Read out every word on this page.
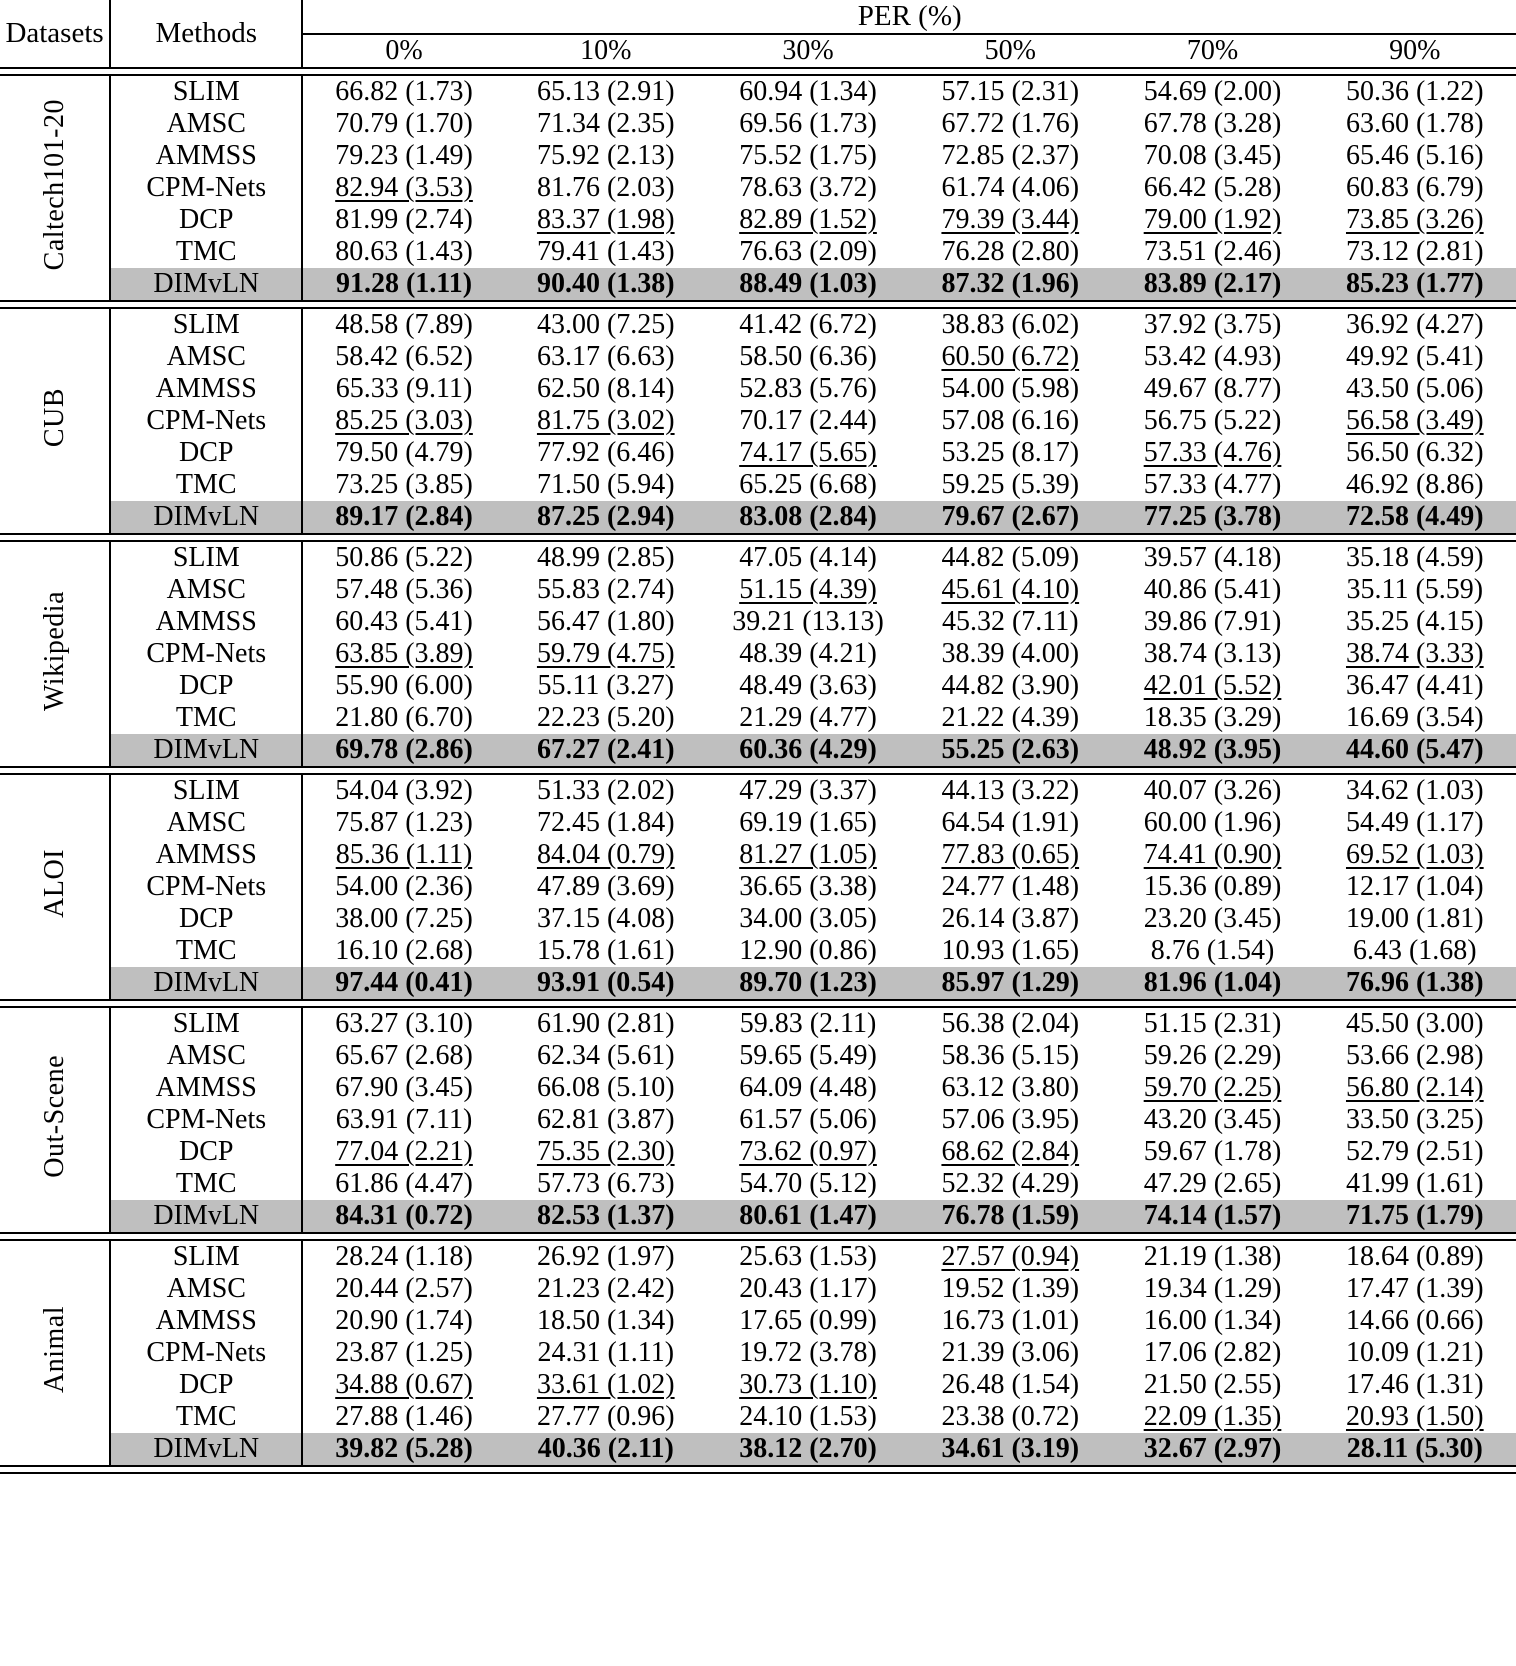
Datasets	Methods	PER (%)					
		0%	10%	30%	50%	70%	90%

Caltech101-20	SLIM	66.82 (1.73)	65.13 (2.91)	60.94 (1.34)	57.15 (2.31)	54.69 (2.00)	50.36 (1.22)
	AMSC	70.79 (1.70)	71.34 (2.35)	69.56 (1.73)	67.72 (1.76)	67.78 (3.28)	63.60 (1.78)
	AMMSS	79.23 (1.49)	75.92 (2.13)	75.52 (1.75)	72.85 (2.37)	70.08 (3.45)	65.46 (5.16)
	CPM-Nets	82.94 (3.53)	81.76 (2.03)	78.63 (3.72)	61.74 (4.06)	66.42 (5.28)	60.83 (6.79)
	DCP	81.99 (2.74)	83.37 (1.98)	82.89 (1.52)	79.39 (3.44)	79.00 (1.92)	73.85 (3.26)
	TMC	80.63 (1.43)	79.41 (1.43)	76.63 (2.09)	76.28 (2.80)	73.51 (2.46)	73.12 (2.81)
	DIMvLN	91.28 (1.11)	90.40 (1.38)	88.49 (1.03)	87.32 (1.96)	83.89 (2.17)	85.23 (1.77)

CUB	SLIM	48.58 (7.89)	43.00 (7.25)	41.42 (6.72)	38.83 (6.02)	37.92 (3.75)	36.92 (4.27)
	AMSC	58.42 (6.52)	63.17 (6.63)	58.50 (6.36)	60.50 (6.72)	53.42 (4.93)	49.92 (5.41)
	AMMSS	65.33 (9.11)	62.50 (8.14)	52.83 (5.76)	54.00 (5.98)	49.67 (8.77)	43.50 (5.06)
	CPM-Nets	85.25 (3.03)	81.75 (3.02)	70.17 (2.44)	57.08 (6.16)	56.75 (5.22)	56.58 (3.49)
	DCP	79.50 (4.79)	77.92 (6.46)	74.17 (5.65)	53.25 (8.17)	57.33 (4.76)	56.50 (6.32)
	TMC	73.25 (3.85)	71.50 (5.94)	65.25 (6.68)	59.25 (5.39)	57.33 (4.77)	46.92 (8.86)
	DIMvLN	89.17 (2.84)	87.25 (2.94)	83.08 (2.84)	79.67 (2.67)	77.25 (3.78)	72.58 (4.49)

Wikipedia	SLIM	50.86 (5.22)	48.99 (2.85)	47.05 (4.14)	44.82 (5.09)	39.57 (4.18)	35.18 (4.59)
	AMSC	57.48 (5.36)	55.83 (2.74)	51.15 (4.39)	45.61 (4.10)	40.86 (5.41)	35.11 (5.59)
	AMMSS	60.43 (5.41)	56.47 (1.80)	39.21 (13.13)	45.32 (7.11)	39.86 (7.91)	35.25 (4.15)
	CPM-Nets	63.85 (3.89)	59.79 (4.75)	48.39 (4.21)	38.39 (4.00)	38.74 (3.13)	38.74 (3.33)
	DCP	55.90 (6.00)	55.11 (3.27)	48.49 (3.63)	44.82 (3.90)	42.01 (5.52)	36.47 (4.41)
	TMC	21.80 (6.70)	22.23 (5.20)	21.29 (4.77)	21.22 (4.39)	18.35 (3.29)	16.69 (3.54)
	DIMvLN	69.78 (2.86)	67.27 (2.41)	60.36 (4.29)	55.25 (2.63)	48.92 (3.95)	44.60 (5.47)

ALOI	SLIM	54.04 (3.92)	51.33 (2.02)	47.29 (3.37)	44.13 (3.22)	40.07 (3.26)	34.62 (1.03)
	AMSC	75.87 (1.23)	72.45 (1.84)	69.19 (1.65)	64.54 (1.91)	60.00 (1.96)	54.49 (1.17)
	AMMSS	85.36 (1.11)	84.04 (0.79)	81.27 (1.05)	77.83 (0.65)	74.41 (0.90)	69.52 (1.03)
	CPM-Nets	54.00 (2.36)	47.89 (3.69)	36.65 (3.38)	24.77 (1.48)	15.36 (0.89)	12.17 (1.04)
	DCP	38.00 (7.25)	37.15 (4.08)	34.00 (3.05)	26.14 (3.87)	23.20 (3.45)	19.00 (1.81)
	TMC	16.10 (2.68)	15.78 (1.61)	12.90 (0.86)	10.93 (1.65)	8.76 (1.54)	6.43 (1.68)
	DIMvLN	97.44 (0.41)	93.91 (0.54)	89.70 (1.23)	85.97 (1.29)	81.96 (1.04)	76.96 (1.38)

Out-Scene	SLIM	63.27 (3.10)	61.90 (2.81)	59.83 (2.11)	56.38 (2.04)	51.15 (2.31)	45.50 (3.00)
	AMSC	65.67 (2.68)	62.34 (5.61)	59.65 (5.49)	58.36 (5.15)	59.26 (2.29)	53.66 (2.98)
	AMMSS	67.90 (3.45)	66.08 (5.10)	64.09 (4.48)	63.12 (3.80)	59.70 (2.25)	56.80 (2.14)
	CPM-Nets	63.91 (7.11)	62.81 (3.87)	61.57 (5.06)	57.06 (3.95)	43.20 (3.45)	33.50 (3.25)
	DCP	77.04 (2.21)	75.35 (2.30)	73.62 (0.97)	68.62 (2.84)	59.67 (1.78)	52.79 (2.51)
	TMC	61.86 (4.47)	57.73 (6.73)	54.70 (5.12)	52.32 (4.29)	47.29 (2.65)	41.99 (1.61)
	DIMvLN	84.31 (0.72)	82.53 (1.37)	80.61 (1.47)	76.78 (1.59)	74.14 (1.57)	71.75 (1.79)

Animal	SLIM	28.24 (1.18)	26.92 (1.97)	25.63 (1.53)	27.57 (0.94)	21.19 (1.38)	18.64 (0.89)
	AMSC	20.44 (2.57)	21.23 (2.42)	20.43 (1.17)	19.52 (1.39)	19.34 (1.29)	17.47 (1.39)
	AMMSS	20.90 (1.74)	18.50 (1.34)	17.65 (0.99)	16.73 (1.01)	16.00 (1.34)	14.66 (0.66)
	CPM-Nets	23.87 (1.25)	24.31 (1.11)	19.72 (3.78)	21.39 (3.06)	17.06 (2.82)	10.09 (1.21)
	DCP	34.88 (0.67)	33.61 (1.02)	30.73 (1.10)	26.48 (1.54)	21.50 (2.55)	17.46 (1.31)
	TMC	27.88 (1.46)	27.77 (0.96)	24.10 (1.53)	23.38 (0.72)	22.09 (1.35)	20.93 (1.50)
	DIMvLN	39.82 (5.28)	40.36 (2.11)	38.12 (2.70)	34.61 (3.19)	32.67 (2.97)	28.11 (5.30)
